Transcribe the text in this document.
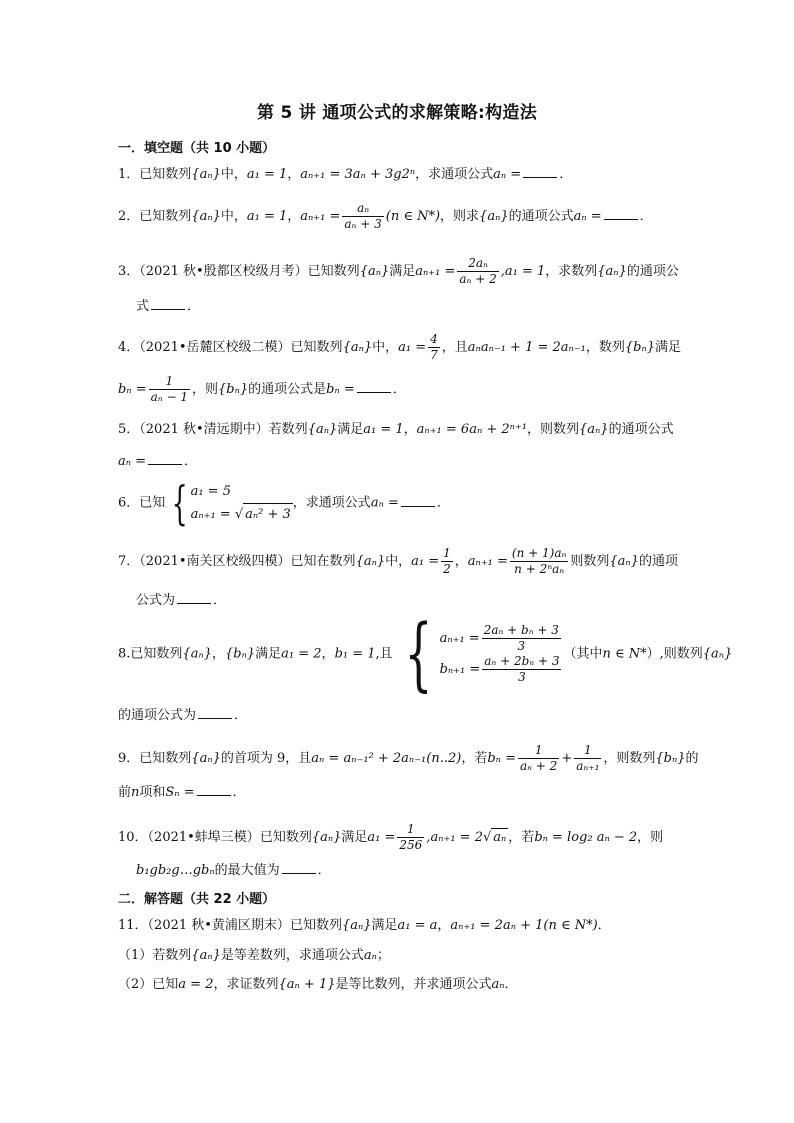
第 5 讲 通项公式的求解策略:构造法
一．填空题（共 10 小题）
1．已知数列{aₙ}中，a₁ = 1，aₙ₊₁ = 3aₙ + 3g2ⁿ，求通项公式aₙ =	．
2．已知数列{aₙ}中，a₁ = 1，$a_{n+1} = \frac{\text{aₙ}}{\text{aₙ + 3}} (n$ ∈ N*)，则求{aₙ}的通项公式aₙ =	．
3．（2021 秋•殷都区校级月考）已知数列{aₙ}满足$a_{n+1} = \frac{\text{2aₙ}}{\text{aₙ + 2}} ,a_1 = 1$，求数列{aₙ}的通项公
式	．
4．（2021•岳麓区校级二模）已知数列{aₙ}中，$a_1 = \frac{4}{7}$ ，且aₙaₙ₋₁ + 1 = 2aₙ₋₁，数列{bₙ}满足
$b_n = \frac{1}{\text{aₙ − 1}}$ ，则{bₙ}的通项公式是bₙ =	．
5．（2021 秋•清远期中）若数列{aₙ}满足a₁ = 1，aₙ₊₁ = 6aₙ + 2ⁿ⁺¹，则数列{aₙ}的通项公式
aₙ =	．
6．已知 { a₁ = 5
aₙ₊₁ = √ aₙ² + 3
，求通项公式aₙ =	．
7．（2021•南关区校级四模）已知在数列{aₙ}中，$a_1 = \frac{1}{2}$ ，$a_{n+1} = \frac{\text{(n + 1)aₙ}}{\text{n + 2ⁿaₙ}}$ 则数列{aₙ}的通项
公式为	．
8.已知数列{aₙ}，{bₙ}满足a₁ = 2，b₁ = 1,且 { $a_{n+1} = \frac{\text{2aₙ + bₙ + 3}}{3}$
$b_{n+1} = \frac{\text{aₙ + 2bₙ + 3}}{3}$ （其中n ∈ N*）,则数列{aₙ}
的通项公式为	．
9．已知数列{aₙ}的首项为 9，且aₙ = aₙ₋₁² + 2aₙ₋₁(n..2)，若$b_n = \frac{1}{\text{aₙ + 2}} + \frac{1}{\text{aₙ₊₁}}$ ，则数列{bₙ}的
前n项和Sₙ =	．
10．（2021•蚌埠三模）已知数列{aₙ}满足$a_1 = \frac{1}{256} ,a_{n+1} = 2√$ aₙ ，若bₙ = log₂ aₙ − 2，则
b₁gb₂g…gbₙ的最大值为	．
二．解答题（共 22 小题）
11．（2021 秋•黄浦区期末）已知数列{aₙ}满足a₁ = a，aₙ₊₁ = 2aₙ + 1(n ∈ N*)．
（1）若数列{aₙ}是等差数列，求通项公式aₙ；
（2）已知a = 2，求证数列{aₙ + 1}是等比数列，并求通项公式aₙ．
